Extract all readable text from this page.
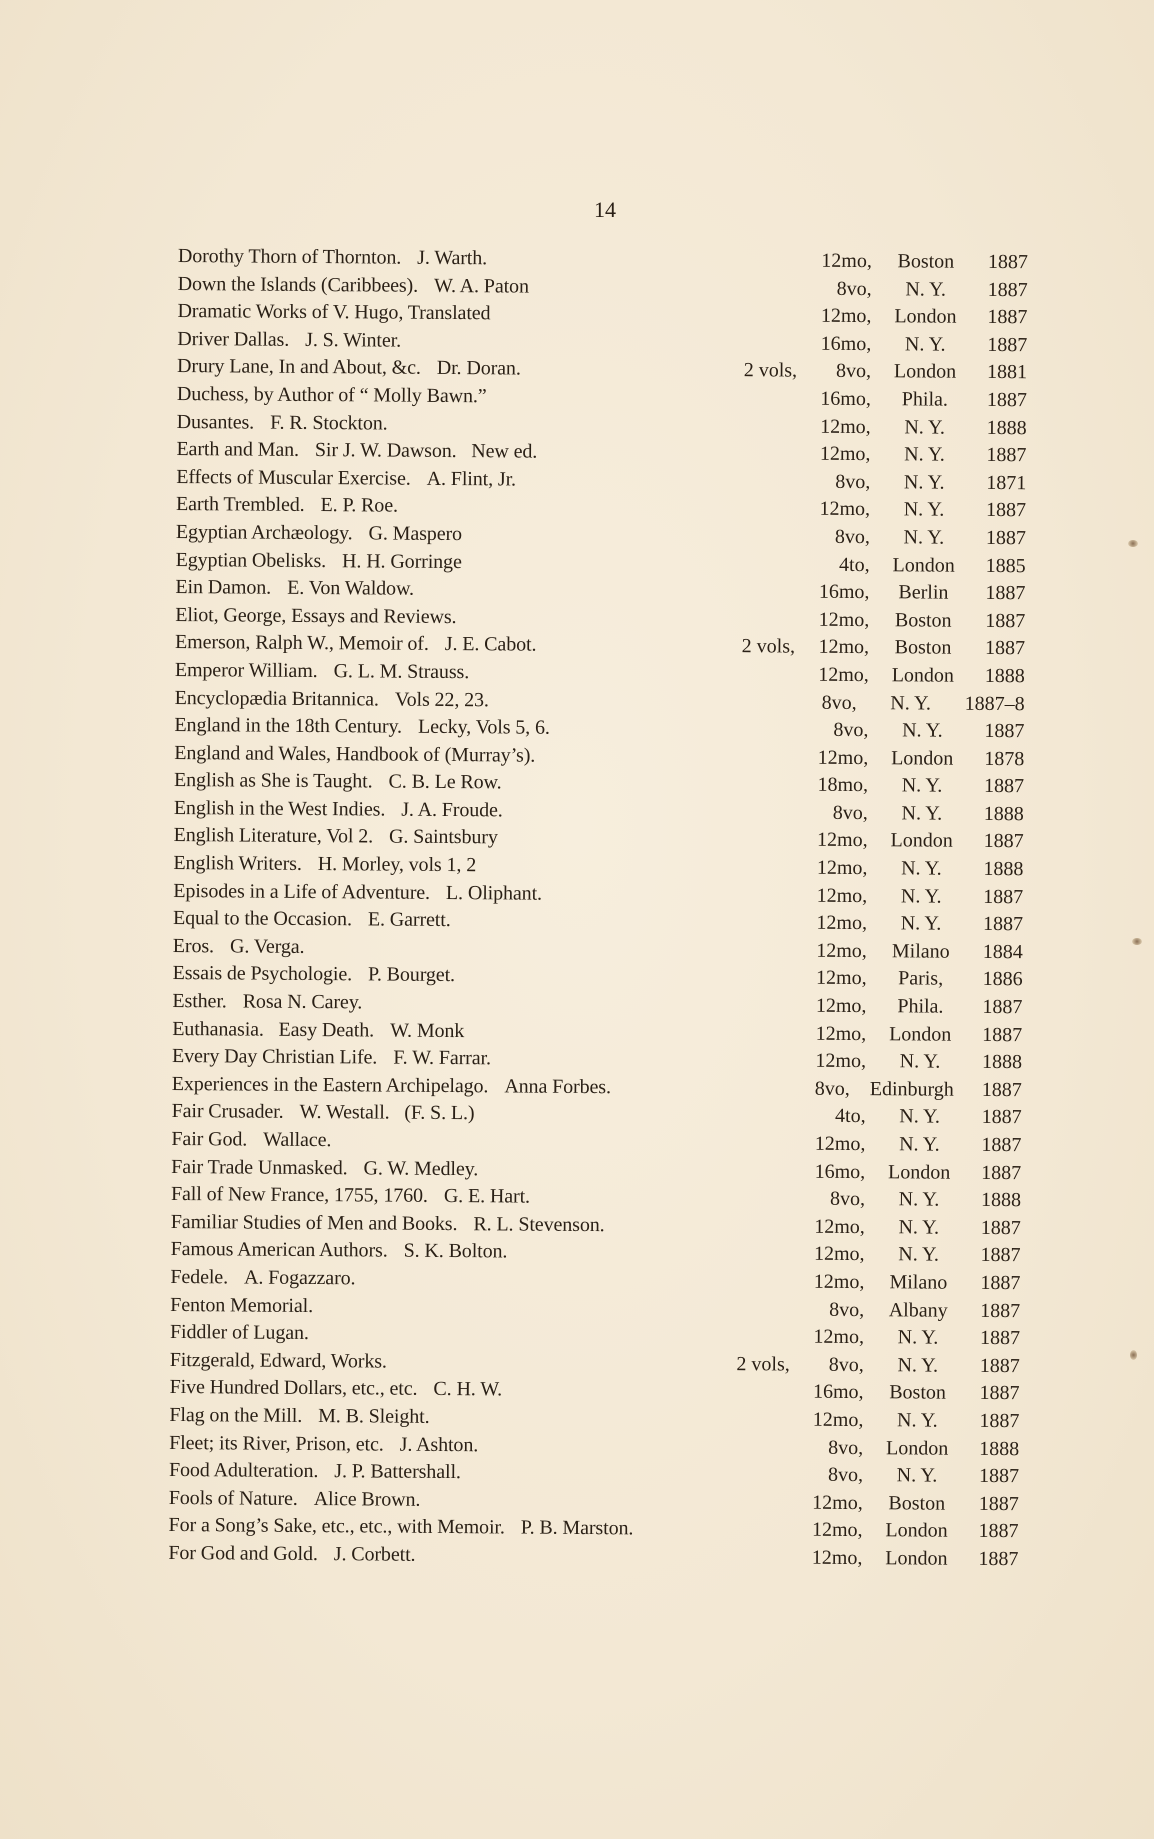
14
Dorothy Thorn of Thornton. J. Warth.	12mo,	Boston	1887
Down the Islands (Caribbees). W. A. Paton	8vo,	N. Y.	1887
Dramatic Works of V. Hugo, Translated	12mo,	London	1887
Driver Dallas. J. S. Winter.	16mo,	N. Y.	1887
Drury Lane, In and About, &c. Dr. Doran.	2 vols,	8vo,	London	1881
Duchess, by Author of “ Molly Bawn.”	16mo,	Phila.	1887
Dusantes. F. R. Stockton.	12mo,	N. Y.	1888
Earth and Man. Sir J. W. Dawson.   New ed.	12mo,	N. Y.	1887
Effects of Muscular Exercise. A. Flint, Jr.	8vo,	N. Y.	1871
Earth Trembled. E. P. Roe.	12mo,	N. Y.	1887
Egyptian Archæology. G. Maspero	8vo,	N. Y.	1887
Egyptian Obelisks. H. H. Gorringe	4to,	London	1885
Ein Damon. E. Von Waldow.	16mo,	Berlin	1887
Eliot, George, Essays and Reviews.	12mo,	Boston	1887
Emerson, Ralph W., Memoir of. J. E. Cabot.	2 vols,	12mo,	Boston	1887
Emperor William. G. L. M. Strauss.	12mo,	London	1888
Encyclopædia Britannica. Vols 22, 23.	8vo,	N. Y.	1887–8
England in the 18th Century. Lecky, Vols 5, 6.	8vo,	N. Y.	1887
England and Wales, Handbook of (Murray’s).	12mo,	London	1878
English as She is Taught. C. B. Le Row.	18mo,	N. Y.	1887
English in the West Indies. J. A. Froude.	8vo,	N. Y.	1888
English Literature, Vol 2. G. Saintsbury	12mo,	London	1887
English Writers. H. Morley, vols 1, 2	12mo,	N. Y.	1888
Episodes in a Life of Adventure. L. Oliphant.	12mo,	N. Y.	1887
Equal to the Occasion. E. Garrett.	12mo,	N. Y.	1887
Eros. G. Verga.	12mo,	Milano	1884
Essais de Psychologie. P. Bourget.	12mo,	Paris,	1886
Esther. Rosa N. Carey.	12mo,	Phila.	1887
Euthanasia.   Easy Death. W. Monk	12mo,	London	1887
Every Day Christian Life. F. W. Farrar.	12mo,	N. Y.	1888
Experiences in the Eastern Archipelago. Anna Forbes.	8vo, Edinburgh	1887
Fair Crusader. W. Westall.   (F. S. L.)	4to,	N. Y.	1887
Fair God. Wallace.	12mo,	N. Y.	1887
Fair Trade Unmasked. G. W. Medley.	16mo,	London	1887
Fall of New France, 1755, 1760. G. E. Hart.	8vo,	N. Y.	1888
Familiar Studies of Men and Books. R. L. Stevenson.	12mo,	N. Y.	1887
Famous American Authors. S. K. Bolton.	12mo,	N. Y.	1887
Fedele. A. Fogazzaro.	12mo,	Milano	1887
Fenton Memorial.	8vo,	Albany	1887
Fiddler of Lugan.	12mo,	N. Y.	1887
Fitzgerald, Edward, Works.	2 vols,	8vo,	N. Y.	1887
Five Hundred Dollars, etc., etc. C. H. W.	16mo,	Boston	1887
Flag on the Mill. M. B. Sleight.	12mo,	N. Y.	1887
Fleet; its River, Prison, etc. J. Ashton.	8vo,	London	1888
Food Adulteration. J. P. Battershall.	8vo,	N. Y.	1887
Fools of Nature. Alice Brown.	12mo,	Boston	1887
For a Song’s Sake, etc., etc., with Memoir. P. B. Marston.	12mo,	London	1887
For God and Gold. J. Corbett.	12mo,	London	1887
